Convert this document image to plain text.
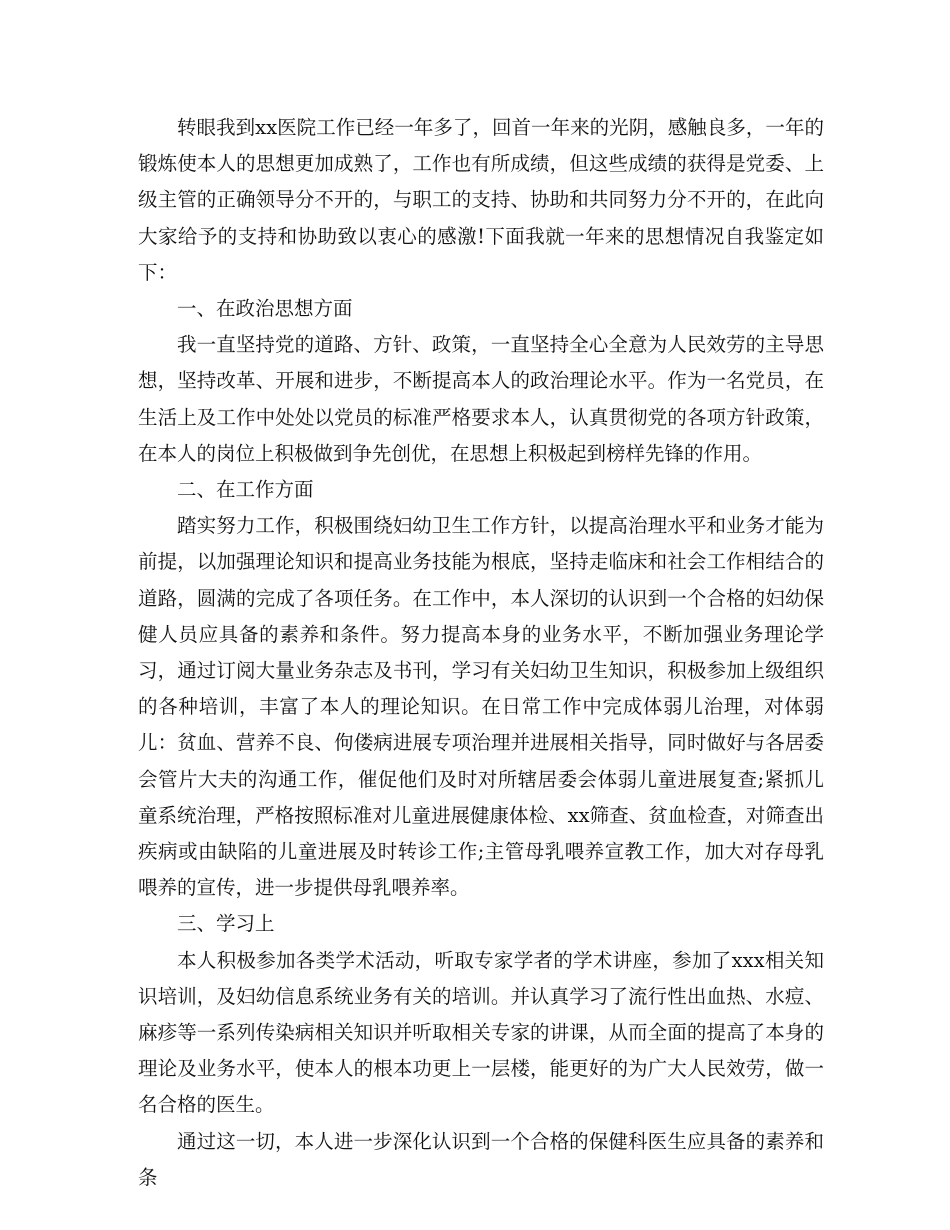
转眼我到xx医院工作已经一年多了，回首一年来的光阴，感触良多，一年的锻炼使本人的思想更加成熟了，工作也有所成绩，但这些成绩的获得是党委、上级主管的正确领导分不开的，与职工的支持、协助和共同努力分不开的，在此向大家给予的支持和协助致以衷心的感激!下面我就一年来的思想情况自我鉴定如下：

一、在政治思想方面

我一直坚持党的道路、方针、政策，一直坚持全心全意为人民效劳的主导思想，坚持改革、开展和进步，不断提高本人的政治理论水平。作为一名党员，在生活上及工作中处处以党员的标准严格要求本人，认真贯彻党的各项方针政策，在本人的岗位上积极做到争先创优，在思想上积极起到榜样先锋的作用。

二、在工作方面

踏实努力工作，积极围绕妇幼卫生工作方针，以提高治理水平和业务才能为前提，以加强理论知识和提高业务技能为根底，坚持走临床和社会工作相结合的道路，圆满的完成了各项任务。在工作中，本人深切的认识到一个合格的妇幼保健人员应具备的素养和条件。努力提高本身的业务水平，不断加强业务理论学习，通过订阅大量业务杂志及书刊，学习有关妇幼卫生知识，积极参加上级组织的各种培训，丰富了本人的理论知识。在日常工作中完成体弱儿治理，对体弱儿：贫血、营养不良、佝偻病进展专项治理并进展相关指导，同时做好与各居委会管片大夫的沟通工作，催促他们及时对所辖居委会体弱儿童进展复查;紧抓儿童系统治理，严格按照标准对儿童进展健康体检、xx筛查、贫血检查，对筛查出疾病或由缺陷的儿童进展及时转诊工作;主管母乳喂养宣教工作，加大对存母乳喂养的宣传，进一步提供母乳喂养率。

三、学习上

本人积极参加各类学术活动，听取专家学者的学术讲座，参加了xxx相关知识培训，及妇幼信息系统业务有关的培训。并认真学习了流行性出血热、水痘、麻疹等一系列传染病相关知识并听取相关专家的讲课，从而全面的提高了本身的理论及业务水平，使本人的根本功更上一层楼，能更好的为广大人民效劳，做一名合格的医生。

通过这一切，本人进一步深化认识到一个合格的保健科医生应具备的素养和条
